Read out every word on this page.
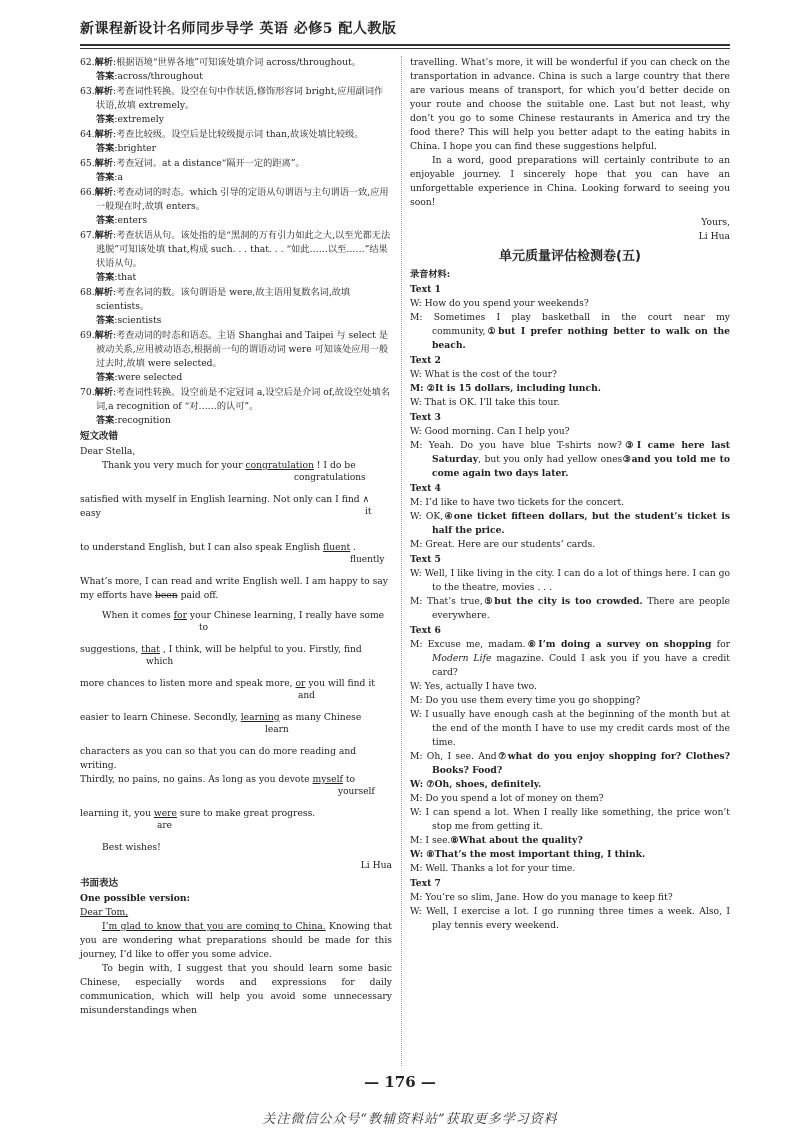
新课程新设计名师同步导学 英语 必修5 配人教版

62.解析:根据语境“世界各地”可知该处填介词 across/throughout。

答案:across/throughout

63.解析:考查词性转换。设空在句中作状语,修饰形容词 bright,应用副词作状语,故填 extremely。

答案:extremely

64.解析:考查比较级。设空后是比较级提示词 than,故该处填比较级。

答案:brighter

65.解析:考查冠词。at a distance“隔开一定的距离”。

答案:a

66.解析:考查动词的时态。which 引导的定语从句谓语与主句谓语一致,应用一般现在时,故填 enters。

答案:enters

67.解析:考查状语从句。该处指的是“黑洞的万有引力如此之大,以至光都无法逃脱”可知该处填 that,构成 such. . . that. . . “如此……以至……”结果状语从句。

答案:that

68.解析:考查名词的数。该句谓语是 were,故主语用复数名词,故填 scientists。

答案:scientists

69.解析:考查动词的时态和语态。主语 Shanghai and Taipei 与 select 是被动关系,应用被动语态,根据前一句的谓语动词 were 可知该处应用一般过去时,故填 were selected。

答案:were selected

70.解析:考查词性转换。设空前是不定冠词 a,设空后是介词 of,故设空处填名词,a recognition of “对……的认可”。

答案:recognition

短文改错

Dear Stella,

Thank you very much for your congratulation ! I do be
congratulations

satisfied with myself in English learning. Not only can I find ∧ easy	it

to understand English, but I can also speak English fluent .
fluently

What’s more, I can read and write English well. I am happy to say

my efforts have been paid off.

When it comes for your Chinese learning, I really have some
to

suggestions, that , I think, will be helpful to you. Firstly, find
which

more chances to listen more and speak more, or you will find it
and

easier to learn Chinese. Secondly, learning as many Chinese
learn

characters as you can so that you can do more reading and writing.

Thirdly, no pains, no gains. As long as you devote myself to
yourself

learning it, you were sure to make great progress.
are

Best wishes!

Li Hua

书面表达

One possible version:

Dear Tom,

I’m glad to know that you are coming to China. Knowing that you are wondering what preparations should be made for this journey, I’d like to offer you some advice.

To begin with, I suggest that you should learn some basic Chinese, especially words and expressions for daily communication, which will help you avoid some unnecessary misunderstandings when

travelling. What’s more, it will be wonderful if you can check on the transportation in advance. China is such a large country that there are various means of transport, for which you’d better decide on your route and choose the suitable one. Last but not least, why don’t you go to some Chinese restaurants in America and try the food there? This will help you better adapt to the eating habits in China. I hope you can find these suggestions helpful.

In a word, good preparations will certainly contribute to an enjoyable journey. I sincerely hope that you can have an unforgettable experience in China. Looking forward to seeing you soon!

Yours,

Li Hua

单元质量评估检测卷(五)

录音材料:

Text 1

W: How do you spend your weekends?

M: Sometimes I play basketball in the court near my community,①but I prefer nothing better to walk on the beach.

Text 2

W: What is the cost of the tour?

M: ②It is 15 dollars, including lunch.

W: That is OK. I’ll take this tour.

Text 3

W: Good morning. Can I help you?

M: Yeah. Do you have blue T-shirts now?③I came here last Saturday, but you only had yellow ones③and you told me to come again two days later.

Text 4

M: I’d like to have two tickets for the concert.

W: OK,④one ticket fifteen dollars, but the student’s ticket is half the price.

M: Great. Here are our students’ cards.

Text 5

W: Well, I like living in the city. I can do a lot of things here. I can go to the theatre, movies . . .

M: That’s true,⑤but the city is too crowded. There are people everywhere.

Text 6

M: Excuse me, madam.⑥I’m doing a survey on shopping for Modern Life magazine. Could I ask you if you have a credit card?

W: Yes, actually I have two.

M: Do you use them every time you go shopping?

W: I usually have enough cash at the beginning of the month but at the end of the month I have to use my credit cards most of the time.

M: Oh, I see. And⑦what do you enjoy shopping for? Clothes? Books? Food?

W: ⑦Oh, shoes, definitely.

M: Do you spend a lot of money on them?

W: I can spend a lot. When I really like something, the price won’t stop me from getting it.

M: I see.⑧What about the quality?

W: ⑧That’s the most important thing, I think.

M: Well. Thanks a lot for your time.

Text 7

M: You’re so slim, Jane. How do you manage to keep fit?

W: Well, I exercise a lot. I go running three times a week. Also, I play tennis every weekend.

— 176 —
关注微信公众号“教辅资料站”获取更多学习资料
